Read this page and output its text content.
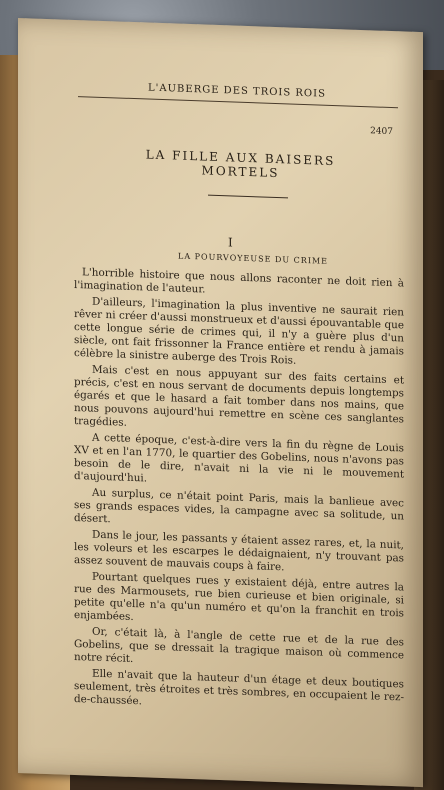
L'AUBERGE DES TROIS ROIS
2407
LA FILLE AUX BAISERS MORTELS
I
LA POURVOYEUSE DU CRIME

L'horrible histoire que nous allons raconter ne doit rien à l'imagination de l'auteur.

D'ailleurs, l'imagination la plus inventive ne saurait rien rêver ni créer d'aussi monstrueux et d'aussi épouvantable que cette longue série de crimes qui, il n'y a guère plus d'un siècle, ont fait frissonner la France entière et rendu à jamais célèbre la sinistre auberge des Trois Rois.

Mais c'est en nous appuyant sur des faits certains et précis, c'est en nous servant de documents depuis longtemps égarés et que le hasard a fait tomber dans nos mains, que nous pouvons aujourd'hui remettre en scène ces sanglantes tragédies.

A cette époque, c'est-à-dire vers la fin du règne de Louis XV et en l'an 1770, le quartier des Gobelins, nous n'avons pas besoin de le dire, n'avait ni la vie ni le mouvement d'aujourd'hui.

Au surplus, ce n'était point Paris, mais la banlieue avec ses grands espaces vides, la campagne avec sa solitude, un désert.

Dans le jour, les passants y étaient assez rares, et, la nuit, les voleurs et les escarpes le dédaignaient, n'y trouvant pas assez souvent de mauvais coups à faire.

Pourtant quelques rues y existaient déjà, entre autres la rue des Marmousets, rue bien curieuse et bien originale, si petite qu'elle n'a qu'un numéro et qu'on la franchit en trois enjambées.

Or, c'était là, à l'angle de cette rue et de la rue des Gobelins, que se dressait la tragique maison où commence notre récit.

Elle n'avait que la hauteur d'un étage et deux boutiques seulement, très étroites et très sombres, en occupaient le rez-de-chaussée.
